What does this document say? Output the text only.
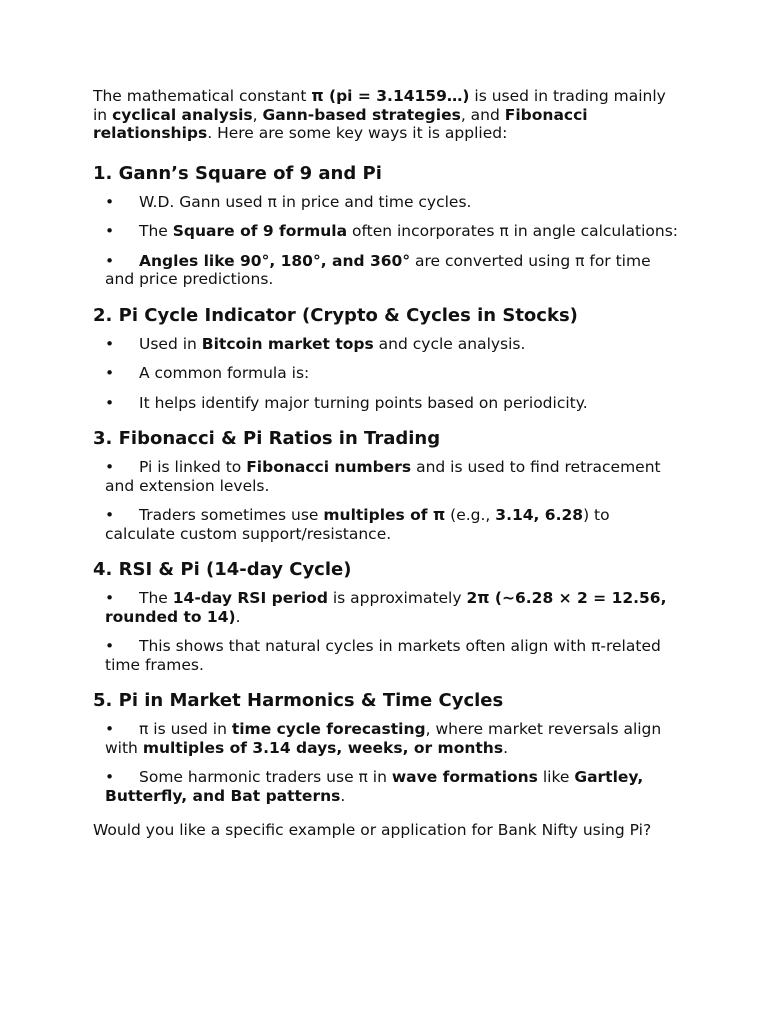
The mathematical constant π (pi = 3.14159…) is used in trading mainly in cyclical analysis, Gann-based strategies, and Fibonacci relationships. Here are some key ways it is applied:

1. Gann’s Square of 9 and Pi
• W.D. Gann used π in price and time cycles.
• The Square of 9 formula often incorporates π in angle calculations:
• Angles like 90°, 180°, and 360° are converted using π for time and price predictions.
2. Pi Cycle Indicator (Crypto & Cycles in Stocks)
• Used in Bitcoin market tops and cycle analysis.
• A common formula is:
• It helps identify major turning points based on periodicity.
3. Fibonacci & Pi Ratios in Trading
• Pi is linked to Fibonacci numbers and is used to find retracement and extension levels.
• Traders sometimes use multiples of π (e.g., 3.14, 6.28) to calculate custom support/resistance.
4. RSI & Pi (14-day Cycle)
• The 14-day RSI period is approximately 2π (~6.28 × 2 = 12.56, rounded to 14).
• This shows that natural cycles in markets often align with π-related time frames.
5. Pi in Market Harmonics & Time Cycles
• π is used in time cycle forecasting, where market reversals align with multiples of 3.14 days, weeks, or months.
• Some harmonic traders use π in wave formations like Gartley, Butterfly, and Bat patterns.

Would you like a specific example or application for Bank Nifty using Pi?
